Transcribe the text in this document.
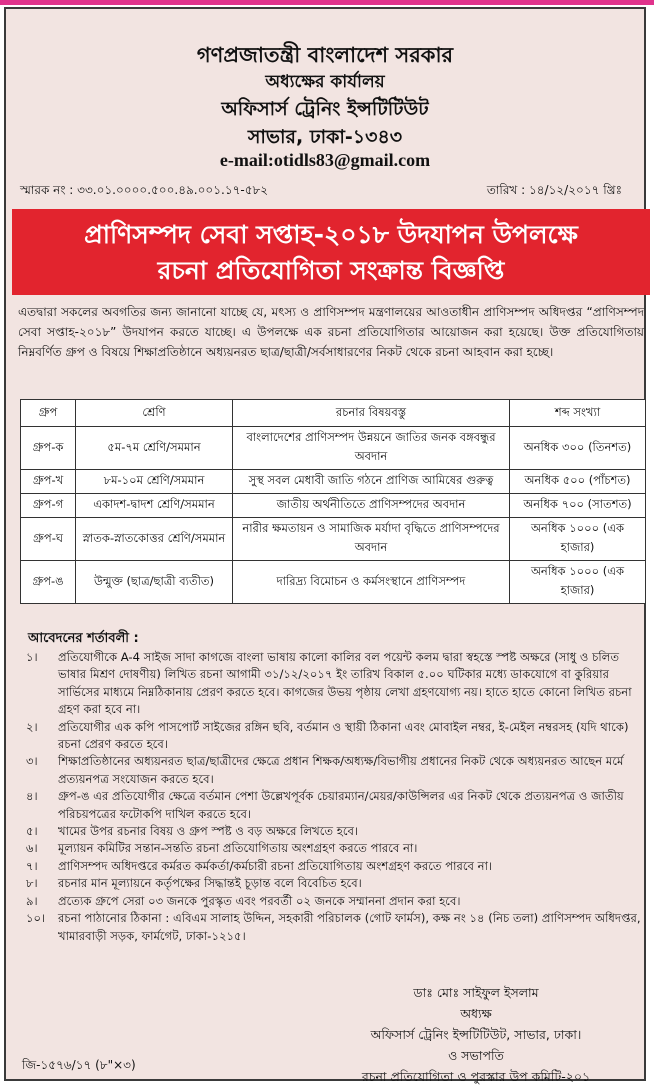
গণপ্রজাতন্ত্রী বাংলাদেশ সরকার
অধ্যক্ষের কার্যালয়
অফিসার্স ট্রেনিং ইন্সটিটিউট
সাভার, ঢাকা-১৩৪৩
e-mail:otidls83@gmail.com
স্মারক নং : ৩৩.০১.০০০০.৫০০.৪৯.০০১.১৭-৫৮২	তারিখ : ১৪/১২/২০১৭ খ্রিঃ
প্রাণিসম্পদ সেবা সপ্তাহ-২০১৮ উদযাপন উপলক্ষে
রচনা প্রতিযোগিতা সংক্রান্ত বিজ্ঞপ্তি
এতদ্বারা সকলের অবগতির জন্য জানানো যাচ্ছে যে, মৎস্য ও প্রাণিসম্পদ মন্ত্রণালয়ের আওতাধীন প্রাণিসম্পদ অধিদপ্তর “প্রাণিসম্পদ সেবা সপ্তাহ-২০১৮” উদযাপন করতে যাচ্ছে। এ উপলক্ষে এক রচনা প্রতিযোগিতার আয়োজন করা হয়েছে। উক্ত প্রতিযোগিতায় নিম্নবর্ণিত গ্রুপ ও বিষয়ে শিক্ষাপ্রতিষ্ঠানে অধ্যয়নরত ছাত্র/ছাত্রী/সর্বসাধারণের নিকট থেকে রচনা আহবান করা হচ্ছে।
গ্রুপ	শ্রেণি	রচনার বিষয়বস্তু	শব্দ সংখ্যা
গ্রুপ-ক	৫ম-৭ম শ্রেণি/সমমান	বাংলাদেশের প্রাণিসম্পদ উন্নয়নে জাতির জনক বঙ্গবন্ধুর অবদান	অনধিক ৩০০ (তিনশত)
গ্রুপ-খ	৮ম-১০ম শ্রেণি/সমমান	সুস্থ সবল মেধাবী জাতি গঠনে প্রাণিজ আমিষের গুরুত্ব	অনধিক ৫০০ (পাঁচশত)
গ্রুপ-গ	একাদশ-দ্বাদশ শ্রেণি/সমমান	জাতীয় অর্থনীতিতে প্রাণিসম্পদের অবদান	অনধিক ৭০০ (সাতশত)
গ্রুপ-ঘ	স্নাতক-স্নাতকোত্তর শ্রেণি/সমমান	নারীর ক্ষমতায়ন ও সামাজিক মর্যাদা বৃদ্ধিতে প্রাণিসম্পদের অবদান	অনধিক ১০০০ (এক হাজার)
গ্রুপ-ঙ	উন্মুক্ত (ছাত্র/ছাত্রী ব্যতীত)	দারিদ্র্য বিমোচন ও কর্মসংস্থানে প্রাণিসম্পদ	অনধিক ১০০০ (এক হাজার)
আবেদনের শর্তাবলী :
১।	প্রতিযোগীকে A-4 সাইজ সাদা কাগজে বাংলা ভাষায় কালো কালির বল পয়েন্ট কলম দ্বারা স্বহস্তে স্পষ্ট অক্ষরে (সাধু ও চলিত ভাষার মিশ্রণ দোষণীয়) লিখিত রচনা আগামী ৩১/১২/২০১৭ ইং তারিখ বিকাল ৫.০০ ঘটিকার মধ্যে ডাকযোগে বা কুরিয়ার সার্ভিসের মাধ্যমে নিম্নঠিকানায় প্রেরণ করতে হবে। কাগজের উভয় পৃষ্ঠায় লেখা গ্রহণযোগ্য নয়। হাতে হাতে কোনো লিখিত রচনা গ্রহণ করা হবে না।
২।	প্রতিযোগীর এক কপি পাসপোর্ট সাইজের রঙ্গিন ছবি, বর্তমান ও স্থায়ী ঠিকানা এবং মোবাইল নম্বর, ই-মেইল নম্বরসহ (যদি থাকে) রচনা প্রেরণ করতে হবে।
৩।	শিক্ষাপ্রতিষ্ঠানের অধ্যয়নরত ছাত্র/ছাত্রীদের ক্ষেত্রে প্রধান শিক্ষক/অধ্যক্ষ/বিভাগীয় প্রধানের নিকট থেকে অধ্যয়নরত আছেন মর্মে প্রত্যয়নপত্র সংযোজন করতে হবে।
৪।	গ্রুপ-ঙ এর প্রতিযোগীর ক্ষেত্রে বর্তমান পেশা উল্লেখপূর্বক চেয়ারম্যান/মেয়র/কাউন্সিলর এর নিকট থেকে প্রত্যয়নপত্র ও জাতীয় পরিচয়পত্রের ফটোকপি দাখিল করতে হবে।
৫।	খামের উপর রচনার বিষয় ও গ্রুপ স্পষ্ট ও বড় অক্ষরে লিখতে হবে।
৬।	মূল্যায়ন কমিটির সন্তান-সন্ততি রচনা প্রতিযোগিতায় অংশগ্রহণ করতে পারবে না।
৭।	প্রাণিসম্পদ অধিদপ্তরে কর্মরত কর্মকর্তা/কর্মচারী রচনা প্রতিযোগিতায় অংশগ্রহণ করতে পারবে না।
৮।	রচনার মান মূল্যায়নে কর্তৃপক্ষের সিদ্ধান্তই চূড়ান্ত বলে বিবেচিত হবে।
৯।	প্রত্যেক গ্রুপে সেরা ০৩ জনকে পুরস্কৃত এবং পরবর্তী ০২ জনকে সম্মাননা প্রদান করা হবে।
১০।	রচনা পাঠানোর ঠিকানা : এবিএম সালাহ উদ্দিন, সহকারী পরিচালক (গোট ফার্মস), কক্ষ নং ১৪ (নিচ তলা) প্রাণিসম্পদ অধিদপ্তর, খামারবাড়ী সড়ক, ফার্মগেট, ঢাকা-১২১৫।
ডাঃ মোঃ সাইফুল ইসলাম
অধ্যক্ষ
অফিসার্স ট্রেনিং ইন্সটিটিউট, সাভার, ঢাকা।
ও সভাপতি
রচনা প্রতিযোগিতা ও পুরস্কার উপ কমিটি-২০১
জি-১৫৭৬/১৭ (৮"×৩)
